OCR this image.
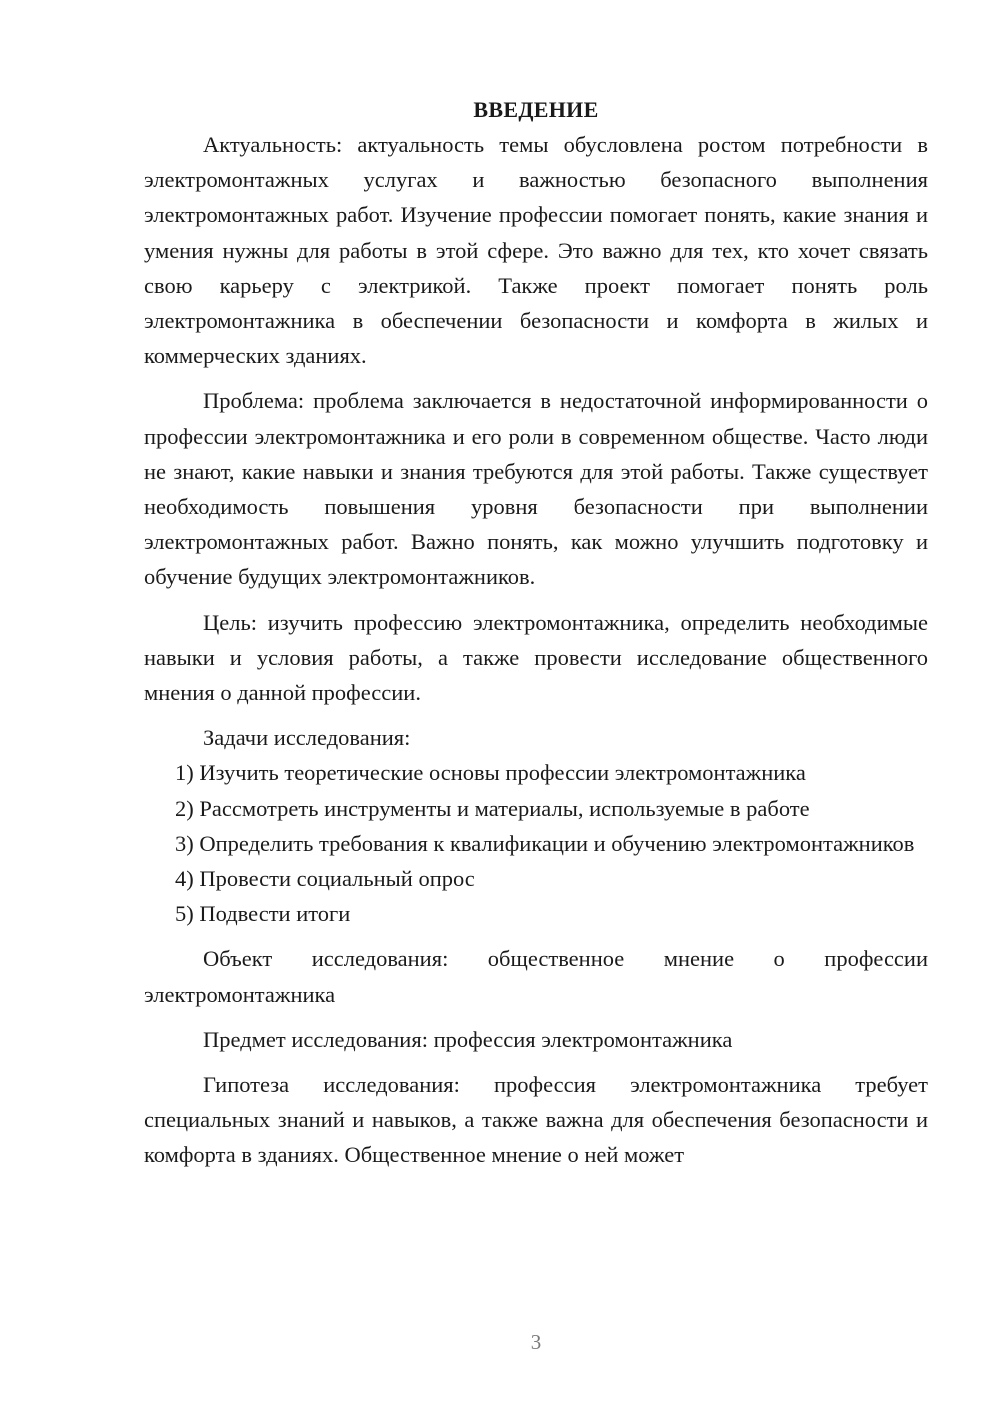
ВВЕДЕНИЕ

Актуальность: актуальность темы обусловлена ростом потребности в электромонтажных услугах и важностью безопасного выполнения электромонтажных работ. Изучение профессии помогает понять, какие знания и умения нужны для работы в этой сфере. Это важно для тех, кто хочет связать свою карьеру с электрикой. Также проект помогает понять роль электромонтажника в обеспечении безопасности и комфорта в жилых и коммерческих зданиях.

Проблема: проблема заключается в недостаточной информированности о профессии электромонтажника и его роли в современном обществе. Часто люди не знают, какие навыки и знания требуются для этой работы. Также существует необходимость повышения уровня безопасности при выполнении электромонтажных работ. Важно понять, как можно улучшить подготовку и обучение будущих электромонтажников.

Цель: изучить профессию электромонтажника, определить необходимые навыки и условия работы, а также провести исследование общественного мнения о данной профессии.

Задачи исследования:

1) Изучить теоретические основы профессии электромонтажника

2) Рассмотреть инструменты и материалы, используемые в работе

3) Определить требования к квалификации и обучению электромонтажников

4) Провести социальный опрос

5) Подвести итоги

Объект исследования: общественное мнение о профессии электромонтажника

Предмет исследования: профессия электромонтажника

Гипотеза исследования: профессия электромонтажника требует специальных знаний и навыков, а также важна для обеспечения безопасности и комфорта в зданиях. Общественное мнение о ней может

3
